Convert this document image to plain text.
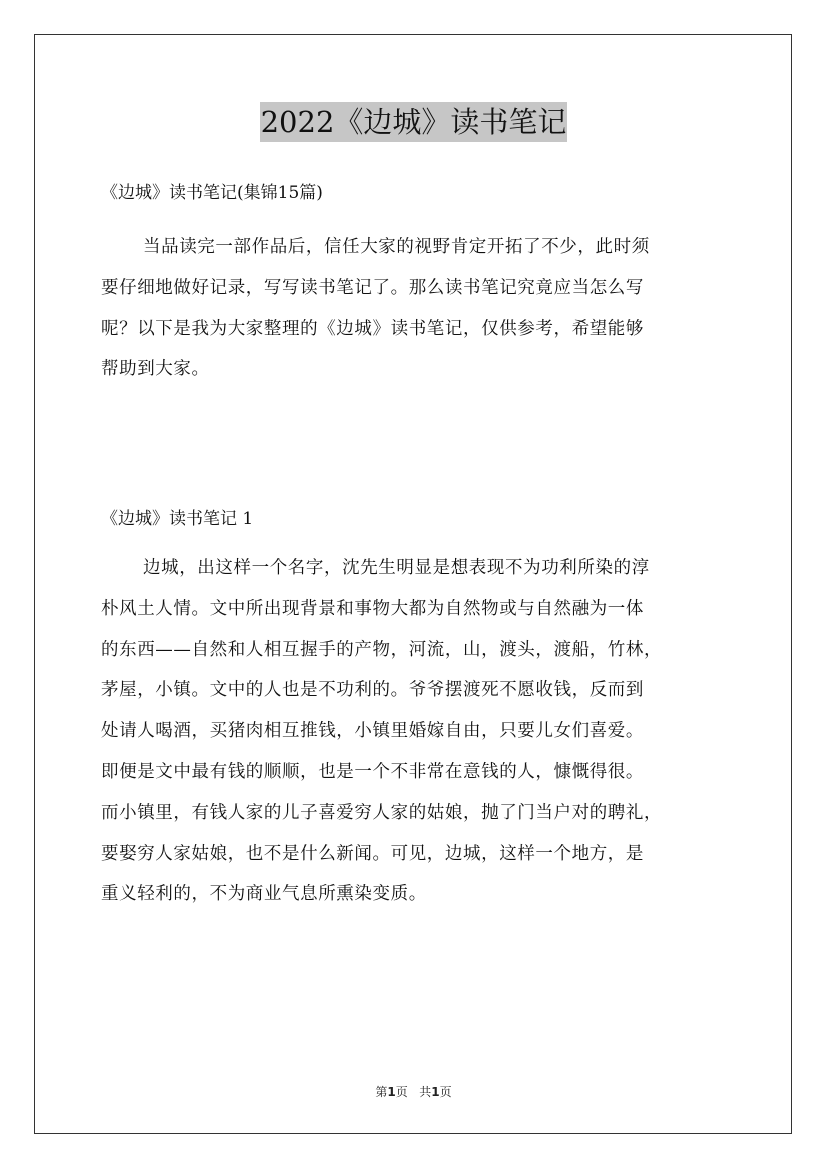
2022《边城》读书笔记

《边城》读书笔记(集锦15篇)

当品读完一部作品后，信任大家的视野肯定开拓了不少，此时须
要仔细地做好记录，写写读书笔记了。那么读书笔记究竟应当怎么写
呢？以下是我为大家整理的《边城》读书笔记，仅供参考，希望能够
帮助到大家。

《边城》读书笔记 1

边城，出这样一个名字，沈先生明显是想表现不为功利所染的淳
朴风土人情。文中所出现背景和事物大都为自然物或与自然融为一体
的东西——自然和人相互握手的产物，河流，山，渡头，渡船，竹林，
茅屋，小镇。文中的人也是不功利的。爷爷摆渡死不愿收钱，反而到
处请人喝酒，买猪肉相互推钱，小镇里婚嫁自由，只要儿女们喜爱。
即便是文中最有钱的顺顺，也是一个不非常在意钱的人，慷慨得很。
而小镇里，有钱人家的儿子喜爱穷人家的姑娘，抛了门当户对的聘礼，
要娶穷人家姑娘，也不是什么新闻。可见，边城，这样一个地方，是
重义轻利的，不为商业气息所熏染变质。
第1页 共1页
